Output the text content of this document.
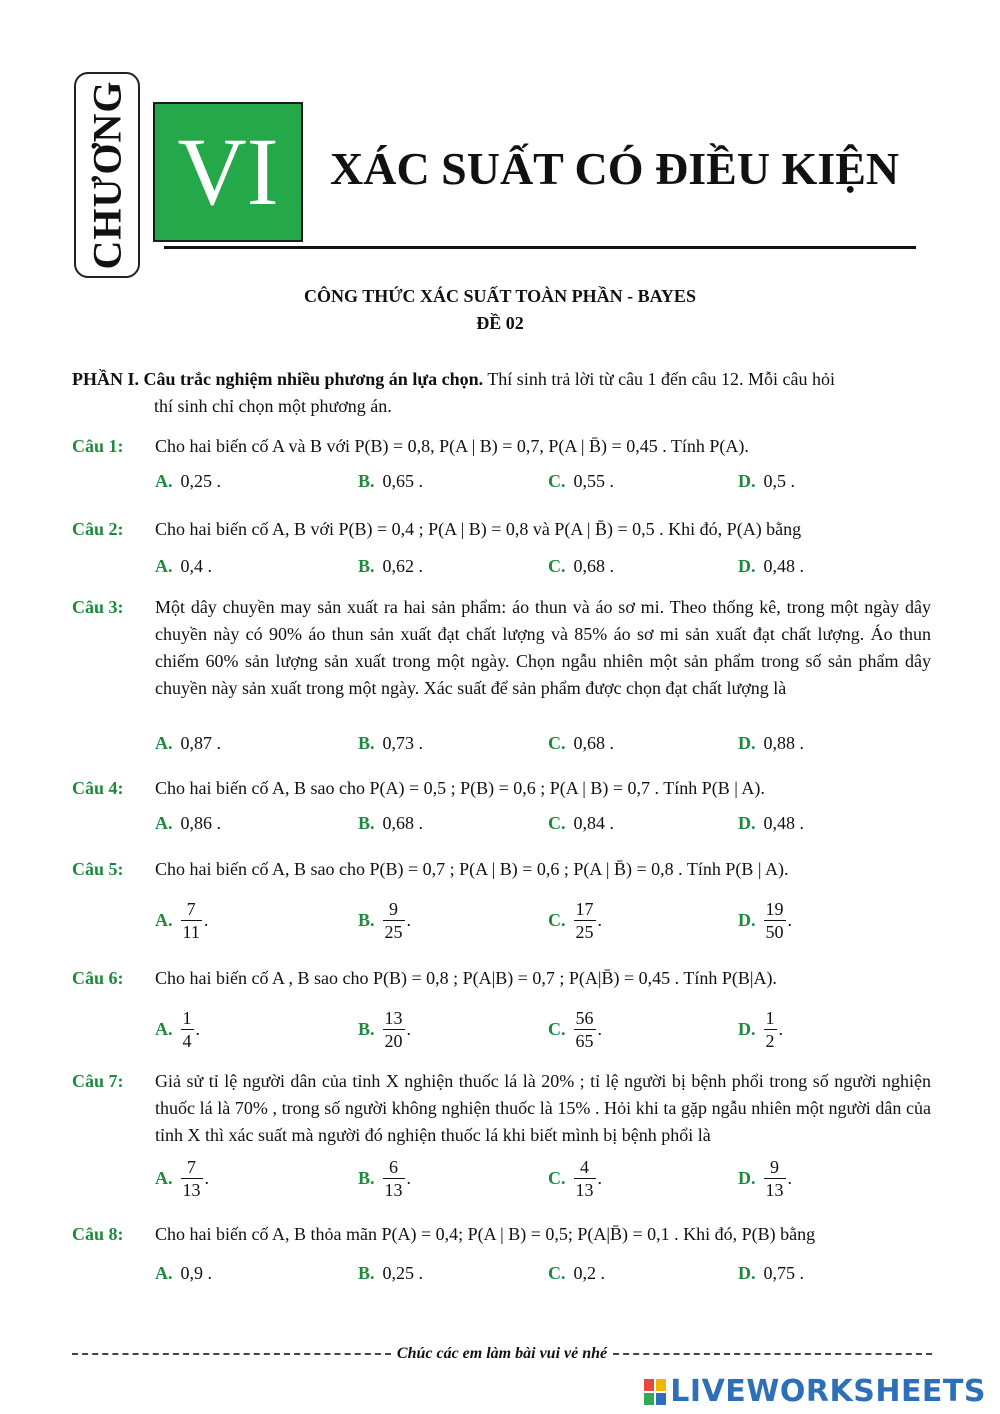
CHƯƠNG VI XÁC SUẤT CÓ ĐIỀU KIỆN
CÔNG THỨC XÁC SUẤT TOÀN PHẦN - BAYES
ĐỀ 02
PHẦN I. Câu trắc nghiệm nhiều phương án lựa chọn. Thí sinh trả lời từ câu 1 đến câu 12. Mỗi câu hỏi
thí sinh chỉ chọn một phương án.
Câu 1: Cho hai biến cố A và B với P(B) = 0,8, P(A | B) = 0,7, P(A | B̄) = 0,45 . Tính P(A).
A. 0,25 .	B. 0,65 .	C. 0,55 .	D. 0,5 .
Câu 2: Cho hai biến cố A, B với P(B) = 0,4 ; P(A | B) = 0,8 và P(A | B̄) = 0,5 . Khi đó, P(A) bằng
A. 0,4 .	B. 0,62 .	C. 0,68 .	D. 0,48 .
Câu 3: Một dây chuyền may sản xuất ra hai sản phẩm: áo thun và áo sơ mi. Theo thống kê, trong một ngày dây chuyền này có 90% áo thun sản xuất đạt chất lượng và 85% áo sơ mi sản xuất đạt chất lượng. Áo thun chiếm 60% sản lượng sản xuất trong một ngày. Chọn ngẫu nhiên một sản phẩm trong số sản phẩm dây chuyền này sản xuất trong một ngày. Xác suất để sản phẩm được chọn đạt chất lượng là
A. 0,87 .	B. 0,73 .	C. 0,68 .	D. 0,88 .
Câu 4: Cho hai biến cố A, B sao cho P(A) = 0,5 ; P(B) = 0,6 ; P(A | B) = 0,7 . Tính P(B | A).
A. 0,86 .	B. 0,68 .	C. 0,84 .	D. 0,48 .
Câu 5: Cho hai biến cố A, B sao cho P(B) = 0,7 ; P(A | B) = 0,6 ; P(A | B̄) = 0,8 . Tính P(B | A).
A. $\frac{7}{11}$ .	B. $\frac{9}{25}$ .	C. $\frac{17}{25}$ .	D. $\frac{19}{50}$ .
Câu 6: Cho hai biến cố A , B sao cho P(B) = 0,8 ; P(A|B) = 0,7 ; P(A|B̄) = 0,45 . Tính P(B|A).
A. $\frac{1}{4}$ .	B. $\frac{13}{20}$ .	C. $\frac{56}{65}$ .	D. $\frac{1}{2}$ .
Câu 7: Giả sử tỉ lệ người dân của tỉnh X nghiện thuốc lá là 20% ; tỉ lệ người bị bệnh phổi trong số người nghiện thuốc lá là 70% , trong số người không nghiện thuốc là 15% . Hỏi khi ta gặp ngẫu nhiên một người dân của tỉnh X thì xác suất mà người đó nghiện thuốc lá khi biết mình bị bệnh phổi là
A. $\frac{7}{13}$ .	B. $\frac{6}{13}$ .	C. $\frac{4}{13}$ .	D. $\frac{9}{13}$ .
Câu 8: Cho hai biến cố A, B thỏa mãn P(A) = 0,4; P(A | B) = 0,5; P(A|B̄) = 0,1 . Khi đó, P(B) bằng
A. 0,9 .	B. 0,25 .	C. 0,2 .	D. 0,75 .
Chúc các em làm bài vui vẻ nhé
LIVEWORKSHEETS
